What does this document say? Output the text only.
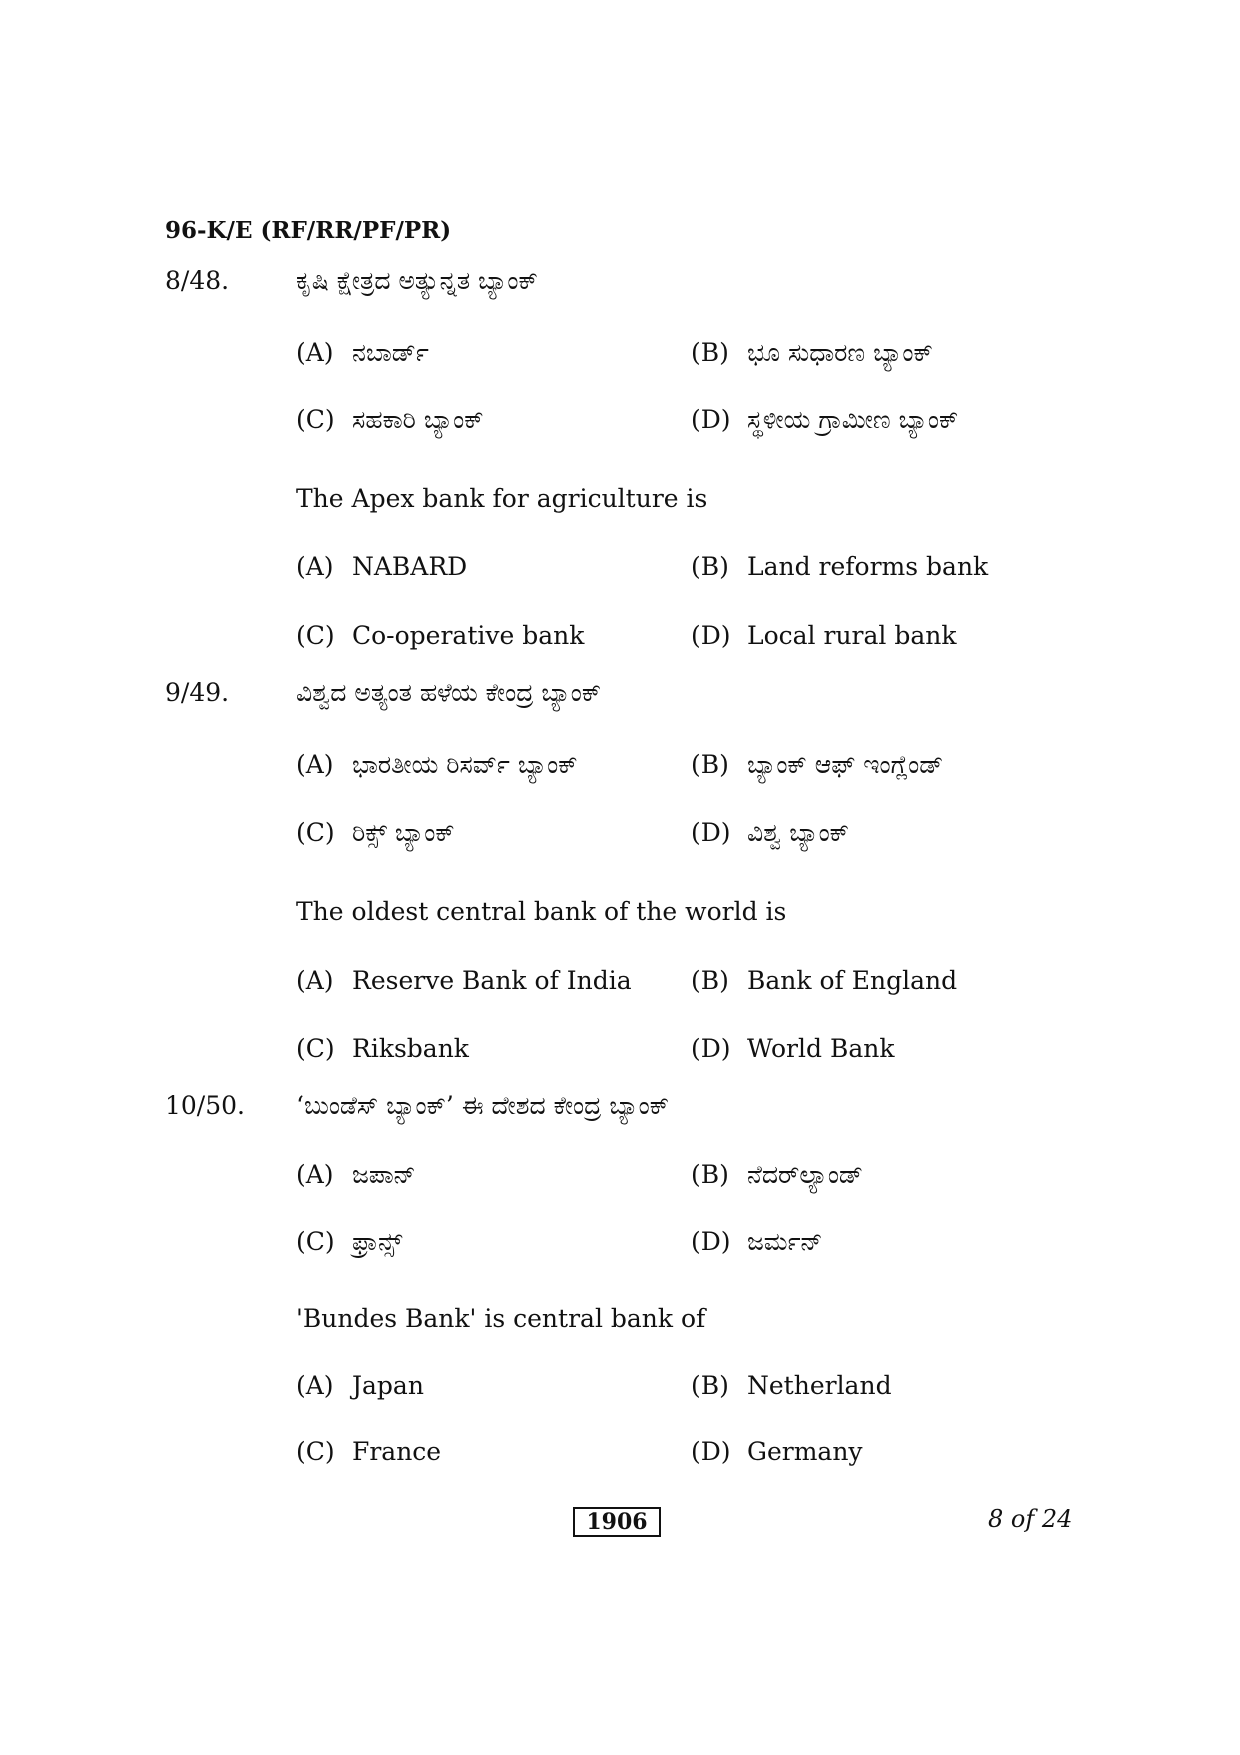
96-K/E (RF/RR/PF/PR)
8/48.	ಕೃಷಿ ಕ್ಷೇತ್ರದ ಅತ್ಯುನ್ನತ ಬ್ಯಾಂಕ್
(A) ನಬಾರ್ಡ್	(B) ಭೂ ಸುಧಾರಣ ಬ್ಯಾಂಕ್
(C) ಸಹಕಾರಿ ಬ್ಯಾಂಕ್	(D) ಸ್ಥಳೀಯ ಗ್ರಾಮೀಣ ಬ್ಯಾಂಕ್
The Apex bank for agriculture is
(A) NABARD	(B) Land reforms bank
(C) Co-operative bank	(D) Local rural bank
9/49.	ವಿಶ್ವದ ಅತ್ಯಂತ ಹಳೆಯ ಕೇಂದ್ರ ಬ್ಯಾಂಕ್
(A) ಭಾರತೀಯ ರಿಸರ್ವ್ ಬ್ಯಾಂಕ್	(B) ಬ್ಯಾಂಕ್ ಆಫ್ ಇಂಗ್ಲೆಂಡ್
(C) ರಿಕ್ಸ್ ಬ್ಯಾಂಕ್	(D) ವಿಶ್ವ ಬ್ಯಾಂಕ್
The oldest central bank of the world is
(A) Reserve Bank of India (B) Bank of England
(C) Riksbank	(D) World Bank
10/50. ‘ಬುಂಡೆಸ್ ಬ್ಯಾಂಕ್’ ಈ ದೇಶದ ಕೇಂದ್ರ ಬ್ಯಾಂಕ್
(A) ಜಪಾನ್	(B) ನೆದರ್‌ಲ್ಯಾಂಡ್
(C) ಫ್ರಾನ್ಸ್	(D) ಜರ್ಮನ್
'Bundes Bank' is central bank of
(A) Japan	(B) Netherland
(C) France	(D) Germany
1906	8 of 24
